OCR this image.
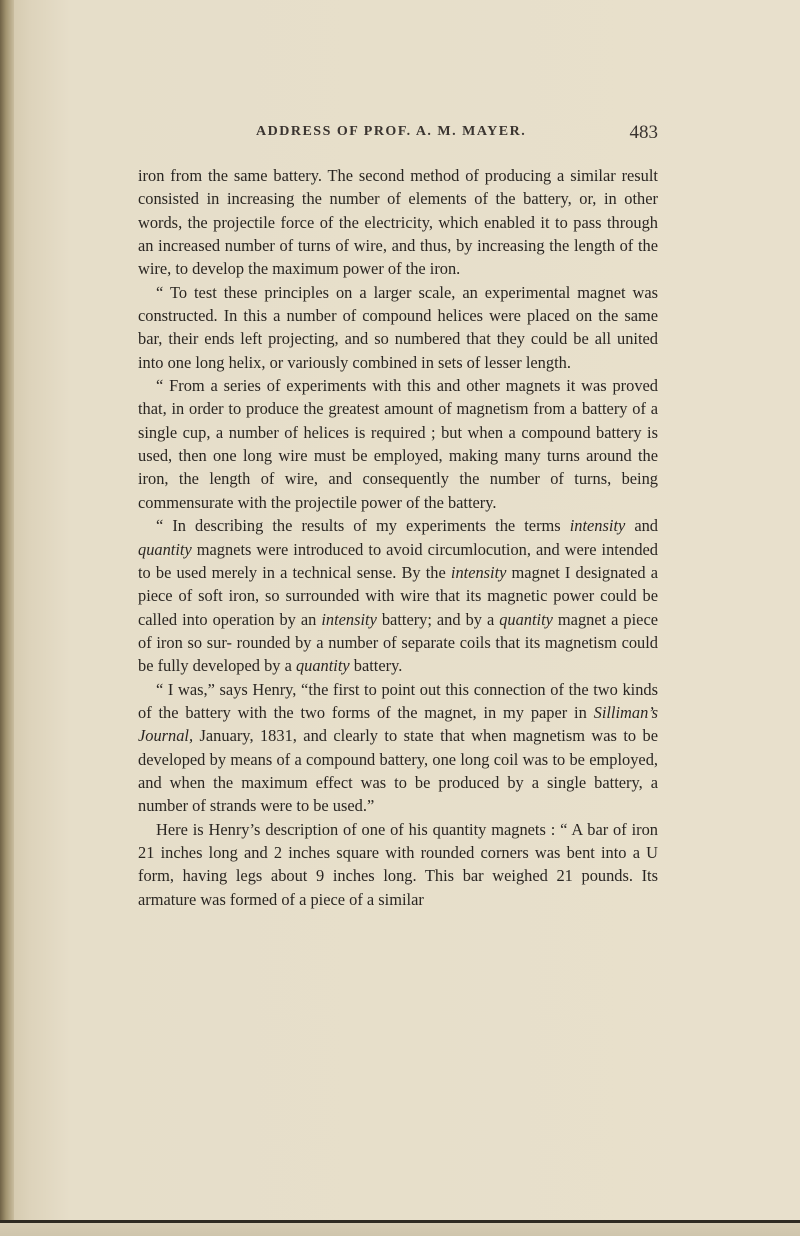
ADDRESS OF PROF. A. M. MAYER.	483

iron from the same battery. The second method of producing a similar result consisted in increasing the number of elements of the battery, or, in other words, the projectile force of the electricity, which enabled it to pass through an increased number of turns of wire, and thus, by increasing the length of the wire, to develop the maximum power of the iron.

“ To test these principles on a larger scale, an experimental magnet was constructed. In this a number of compound helices were placed on the same bar, their ends left projecting, and so numbered that they could be all united into one long helix, or variously combined in sets of lesser length.

“ From a series of experiments with this and other magnets it was proved that, in order to produce the greatest amount of magnetism from a battery of a single cup, a number of helices is required ; but when a compound battery is used, then one long wire must be employed, making many turns around the iron, the length of wire, and consequently the number of turns, being commensurate with the projectile power of the battery.

“ In describing the results of my experiments the terms intensity and quantity magnets were introduced to avoid circumlocution, and were intended to be used merely in a technical sense. By the intensity magnet I designated a piece of soft iron, so surrounded with wire that its magnetic power could be called into operation by an intensity battery; and by a quantity magnet a piece of iron so sur- rounded by a number of separate coils that its magnetism could be fully developed by a quantity battery.

“ I was,” says Henry, “the first to point out this connection of the two kinds of the battery with the two forms of the magnet, in my paper in Silliman’s Journal, January, 1831, and clearly to state that when magnetism was to be developed by means of a compound battery, one long coil was to be employed, and when the maximum effect was to be produced by a single battery, a number of strands were to be used.”

Here is Henry’s description of one of his quantity magnets : “ A bar of iron 21 inches long and 2 inches square with rounded corners was bent into a U form, having legs about 9 inches long. This bar weighed 21 pounds. Its armature was formed of a piece of a similar
